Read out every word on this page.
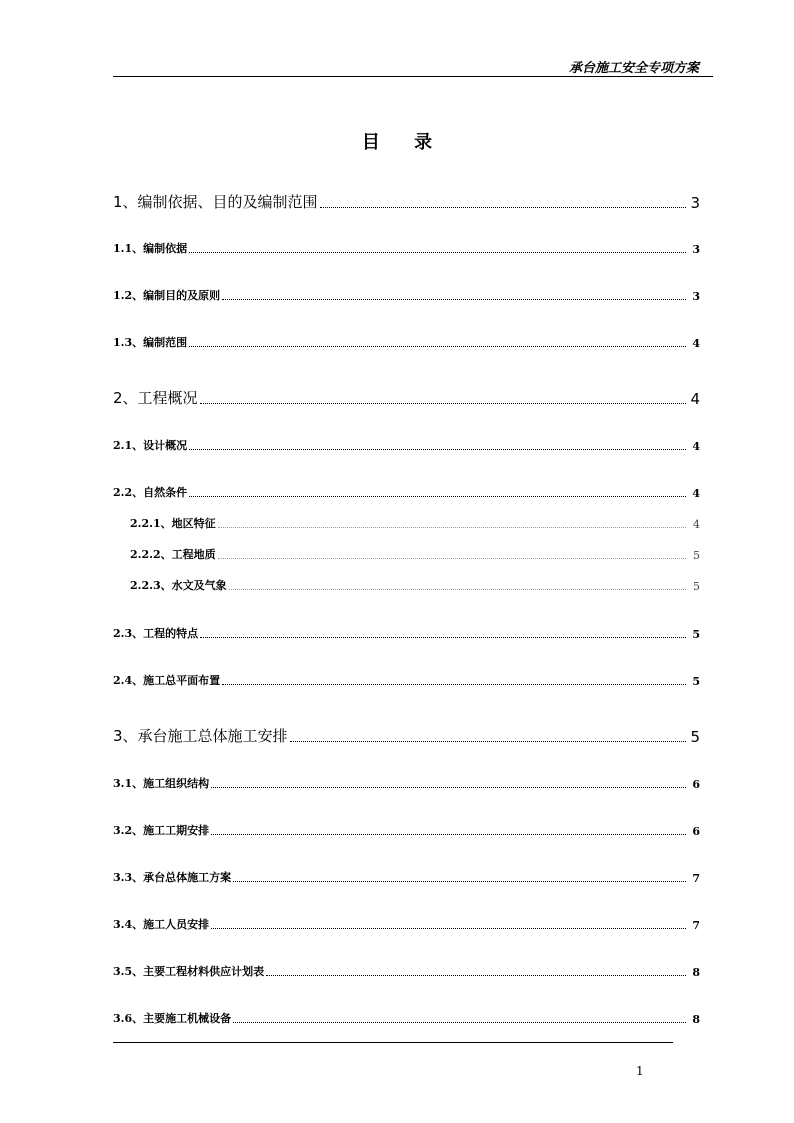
承台施工安全专项方案
目 录
1、编制依据、目的及编制范围	3
1.1、编制依据	3
1.2、编制目的及原则	3
1.3、编制范围	4
2、工程概况	4
2.1、设计概况	4
2.2、自然条件	4
2.2.1、地区特征	4
2.2.2、工程地质	5
2.2.3、水文及气象	5
2.3、工程的特点	5
2.4、施工总平面布置	5
3、承台施工总体施工安排	5
3.1、施工组织结构	6
3.2、施工工期安排	6
3.3、承台总体施工方案	7
3.4、施工人员安排	7
3.5、主要工程材料供应计划表	8
3.6、主要施工机械设备	8
1
